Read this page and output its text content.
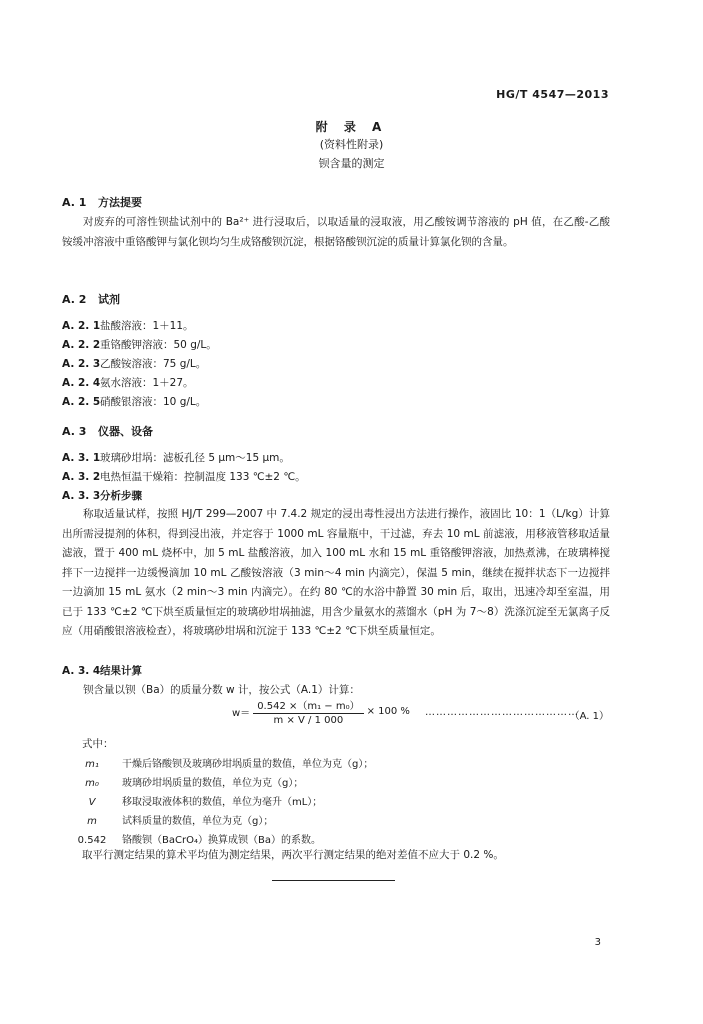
HG/T 4547—2013
附 录 A
(资料性附录)
钡含量的测定
A. 1 方法提要
对废弃的可溶性钡盐试剂中的 Ba²⁺ 进行浸取后，以取适量的浸取液，用乙酸铵调节溶液的 pH 值，在乙酸-乙酸铵缓冲溶液中重铬酸钾与氯化钡均匀生成铬酸钡沉淀，根据铬酸钡沉淀的质量计算氯化钡的含量。
A. 2 试剂
A. 2. 1盐酸溶液：1＋11。
A. 2. 2重铬酸钾溶液：50 g/L。
A. 2. 3乙酸铵溶液：75 g/L。
A. 2. 4氨水溶液：1＋27。
A. 2. 5硝酸银溶液：10 g/L。
A. 3 仪器、设备
A. 3. 1玻璃砂坩埚：滤板孔径 5 μm～15 μm。
A. 3. 2电热恒温干燥箱：控制温度 133 ℃±2 ℃。
A. 3. 3分析步骤
称取适量试样，按照 HJ/T 299—2007 中 7.4.2 规定的浸出毒性浸出方法进行操作，液固比 10：1（L/kg）计算出所需浸提剂的体积，得到浸出液，并定容于 1000 mL 容量瓶中，干过滤，弃去 10 mL 前滤液，用移液管移取适量滤液，置于 400 mL 烧杯中，加 5 mL 盐酸溶液，加入 100 mL 水和 15 mL 重铬酸钾溶液，加热煮沸，在玻璃棒搅拌下一边搅拌一边缓慢滴加 10 mL 乙酸铵溶液（3 min～4 min 内滴完），保温 5 min，继续在搅拌状态下一边搅拌一边滴加 15 mL 氨水（2 min～3 min 内滴完）。在约 80 ℃的水浴中静置 30 min 后，取出，迅速冷却至室温，用已于 133 ℃±2 ℃下烘至质量恒定的玻璃砂坩埚抽滤，用含少量氨水的蒸馏水（pH 为 7～8）洗涤沉淀至无氯离子反应（用硝酸银溶液检查），将玻璃砂坩埚和沉淀于 133 ℃±2 ℃下烘至质量恒定。
A. 3. 4结果计算
钡含量以钡（Ba）的质量分数 w 计，按公式（A.1）计算：
$w= \frac{\text{0.542 ×（m₁ − m₀）}}{m \times V / 1 000} \times 100$ % ……………………………………
（A. 1）
式中：
m₁ 干燥后铬酸钡及玻璃砂坩埚质量的数值，单位为克（g）；
m₀ 玻璃砂坩埚质量的数值，单位为克（g）；
V	移取浸取液体积的数值，单位为毫升（mL）；
m	试料质量的数值，单位为克（g）；
0.542 铬酸钡（BaCrO₄）换算成钡（Ba）的系数。
取平行测定结果的算术平均值为测定结果，两次平行测定结果的绝对差值不应大于 0.2 %。
3
